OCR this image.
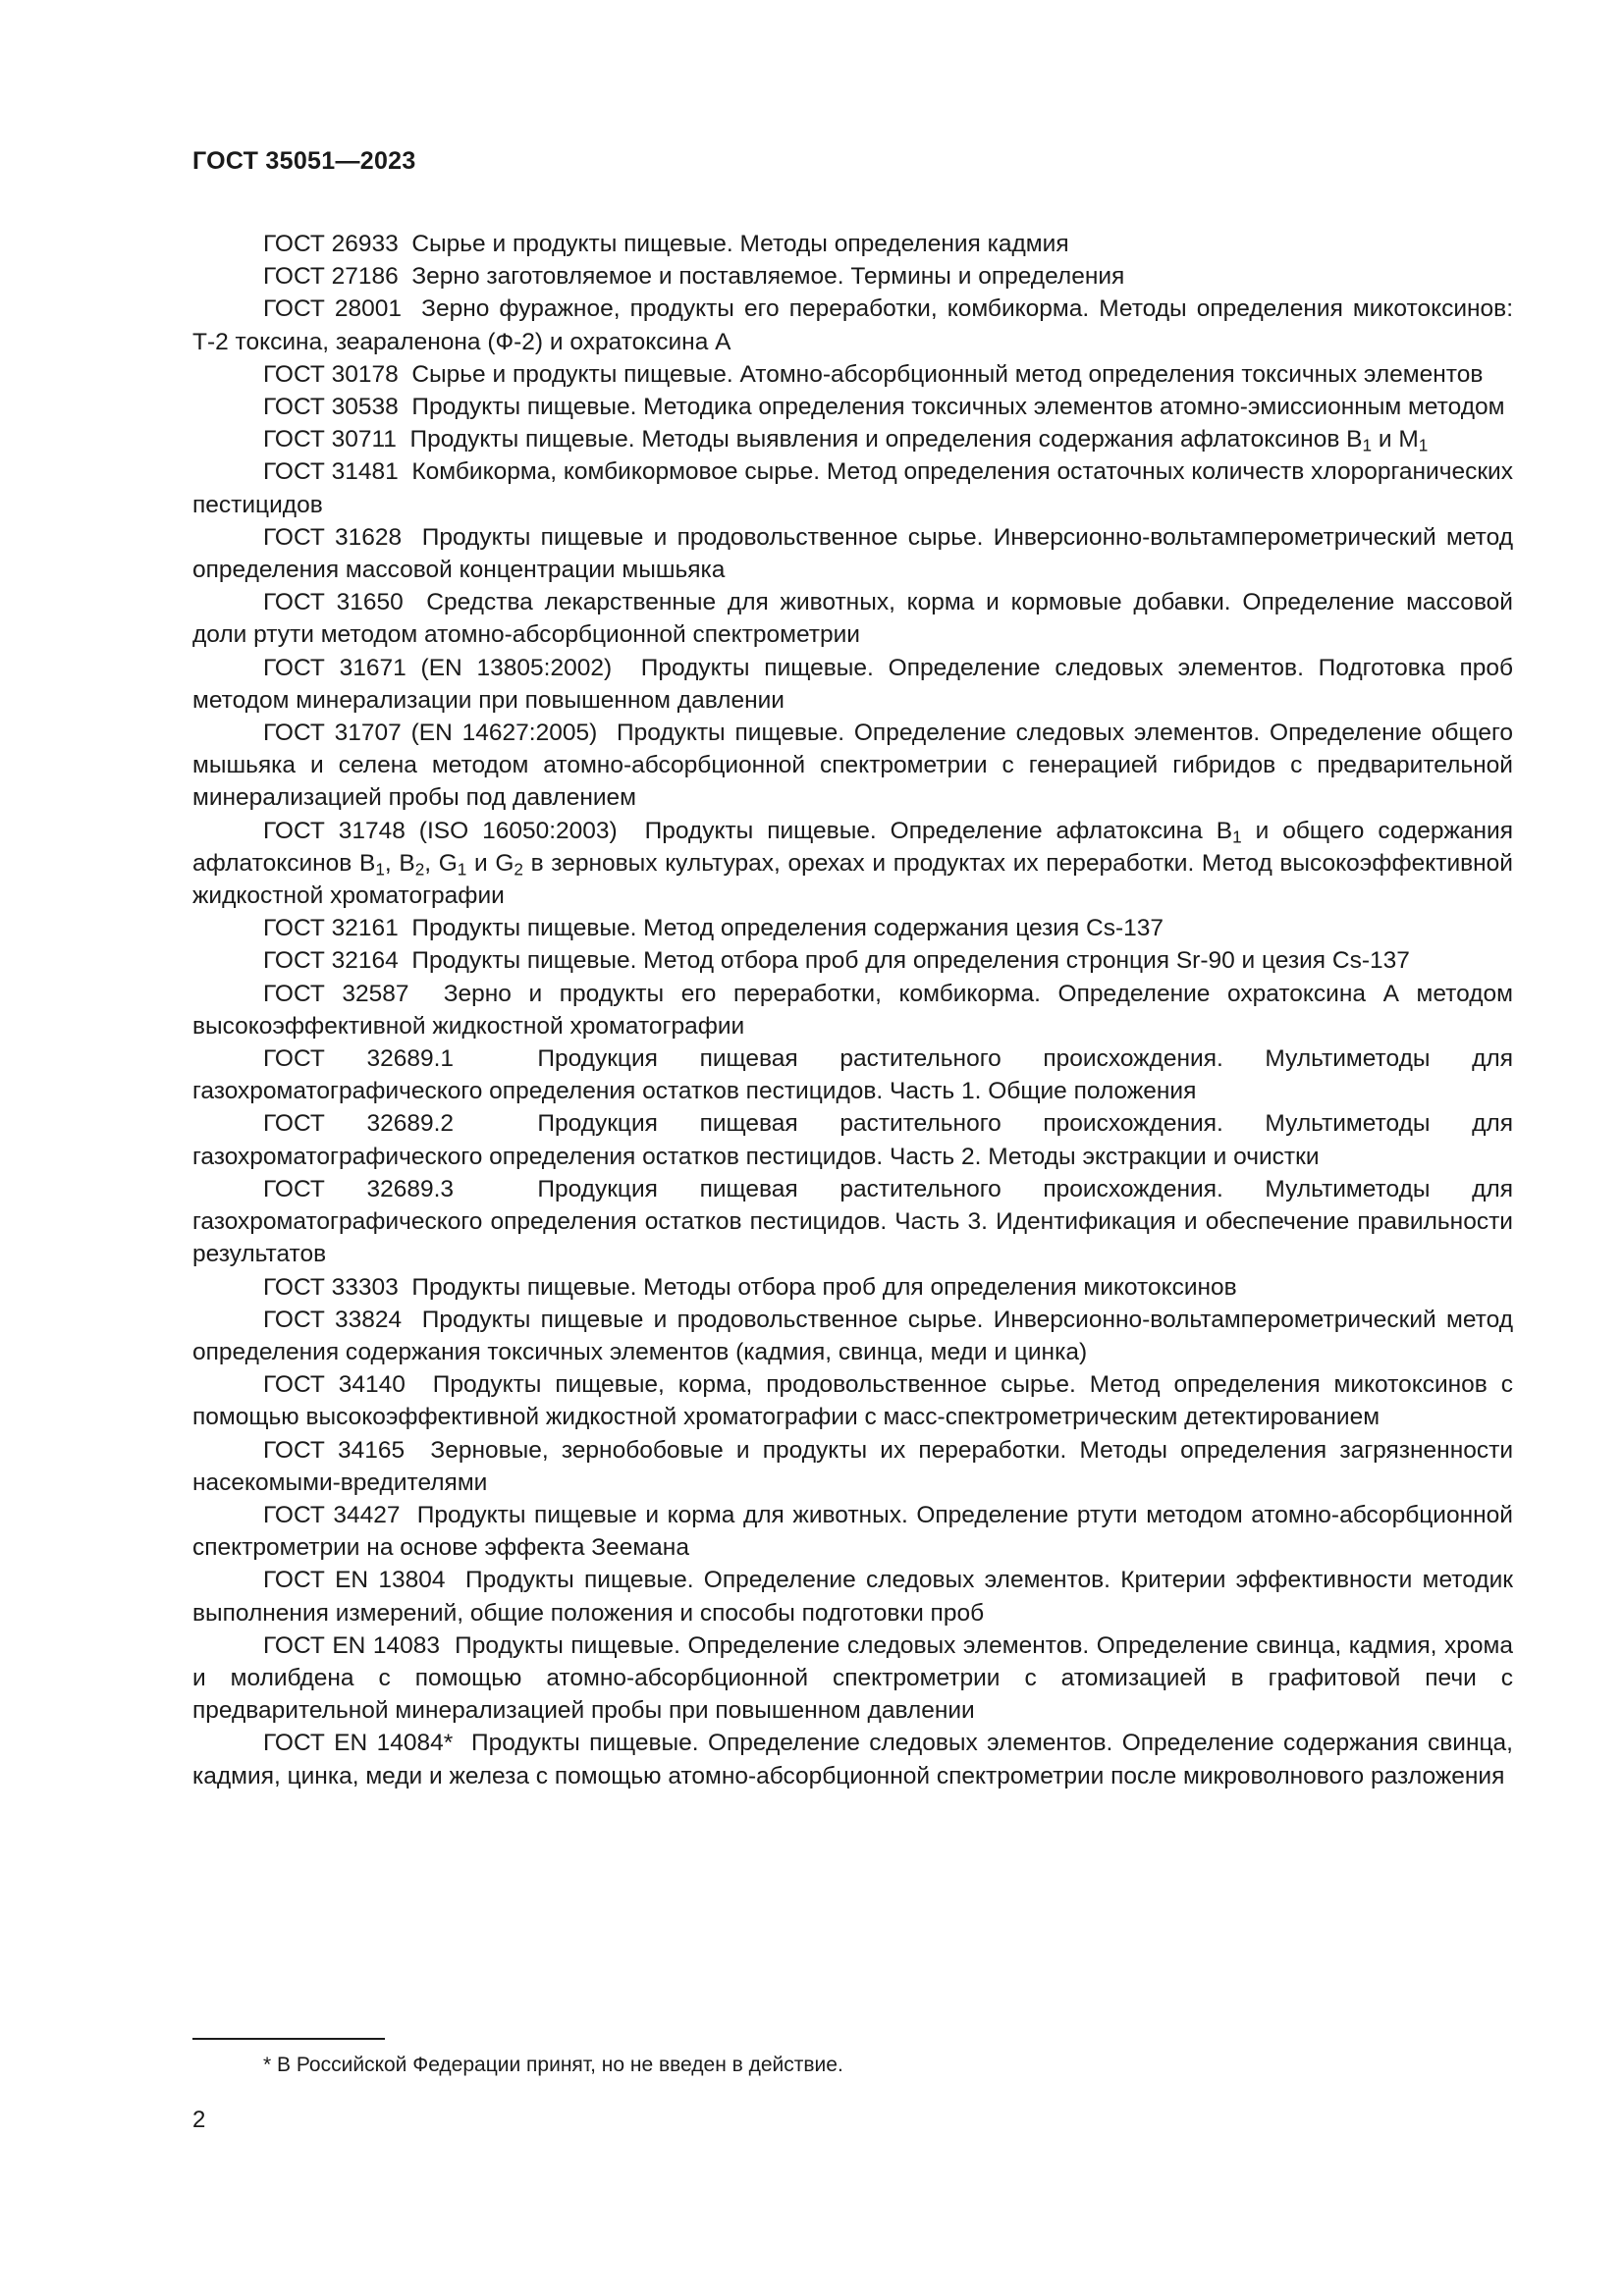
ГОСТ 35051—2023

ГОСТ 26933 Сырье и продукты пищевые. Методы определения кадмия

ГОСТ 27186 Зерно заготовляемое и поставляемое. Термины и определения

ГОСТ 28001 Зерно фуражное, продукты его переработки, комбикорма. Методы определения микотоксинов: Т-2 токсина, зеараленона (Ф-2) и охратоксина А

ГОСТ 30178 Сырье и продукты пищевые. Атомно-абсорбционный метод определения токсичных элементов

ГОСТ 30538 Продукты пищевые. Методика определения токсичных элементов атомно-эмиссионным методом

ГОСТ 30711 Продукты пищевые. Методы выявления и определения содержания афлатоксинов $В_1$ и $М_1$

ГОСТ 31481 Комбикорма, комбикормовое сырье. Метод определения остаточных количеств хлорорганических пестицидов

ГОСТ 31628 Продукты пищевые и продовольственное сырье. Инверсионно-вольтамперометрический метод определения массовой концентрации мышьяка

ГОСТ 31650 Средства лекарственные для животных, корма и кормовые добавки. Определение массовой доли ртути методом атомно-абсорбционной спектрометрии

ГОСТ 31671 (EN 13805:2002) Продукты пищевые. Определение следовых элементов. Подготовка проб методом минерализации при повышенном давлении

ГОСТ 31707 (EN 14627:2005) Продукты пищевые. Определение следовых элементов. Определение общего мышьяка и селена методом атомно-абсорбционной спектрометрии с генерацией гибридов с предварительной минерализацией пробы под давлением

ГОСТ 31748 (ISO 16050:2003) Продукты пищевые. Определение афлатоксина $В_1$ и общего содержания афлатоксинов $В_1$, $В_2$, $G_1$ и $G_2$ в зерновых культурах, орехах и продуктах их переработки. Метод высокоэффективной жидкостной хроматографии

ГОСТ 32161 Продукты пищевые. Метод определения содержания цезия Cs-137

ГОСТ 32164 Продукты пищевые. Метод отбора проб для определения стронция Sr-90 и цезия Cs-137

ГОСТ 32587 Зерно и продукты его переработки, комбикорма. Определение охратоксина А методом высокоэффективной жидкостной хроматографии

ГОСТ 32689.1	Продукция пищевая растительного происхождения. Мультиметоды для газохроматографического определения остатков пестицидов. Часть 1. Общие положения

ГОСТ 32689.2	Продукция пищевая растительного происхождения. Мультиметоды для газохроматографического определения остатков пестицидов. Часть 2. Методы экстракции и очистки

ГОСТ 32689.3	Продукция пищевая растительного происхождения. Мультиметоды для газохроматографического определения остатков пестицидов. Часть 3. Идентификация и обеспечение правильности результатов

ГОСТ 33303 Продукты пищевые. Методы отбора проб для определения микотоксинов

ГОСТ 33824 Продукты пищевые и продовольственное сырье. Инверсионно-вольтамперометрический метод определения содержания токсичных элементов (кадмия, свинца, меди и цинка)

ГОСТ 34140 Продукты пищевые, корма, продовольственное сырье. Метод определения микотоксинов с помощью высокоэффективной жидкостной хроматографии с масс-спектрометрическим детектированием

ГОСТ 34165 Зерновые, зернобобовые и продукты их переработки. Методы определения загрязненности насекомыми-вредителями

ГОСТ 34427 Продукты пищевые и корма для животных. Определение ртути методом атомно-абсорбционной спектрометрии на основе эффекта Зеемана

ГОСТ EN 13804 Продукты пищевые. Определение следовых элементов. Критерии эффективности методик выполнения измерений, общие положения и способы подготовки проб

ГОСТ EN 14083 Продукты пищевые. Определение следовых элементов. Определение свинца, кадмия, хрома и молибдена с помощью атомно-абсорбционной спектрометрии с атомизацией в графитовой печи с предварительной минерализацией пробы при повышенном давлении

ГОСТ EN 14084* Продукты пищевые. Определение следовых элементов. Определение содержания свинца, кадмия, цинка, меди и железа с помощью атомно-абсорбционной спектрометрии после микроволнового разложения

* В Российской Федерации принят, но не введен в действие.
2
